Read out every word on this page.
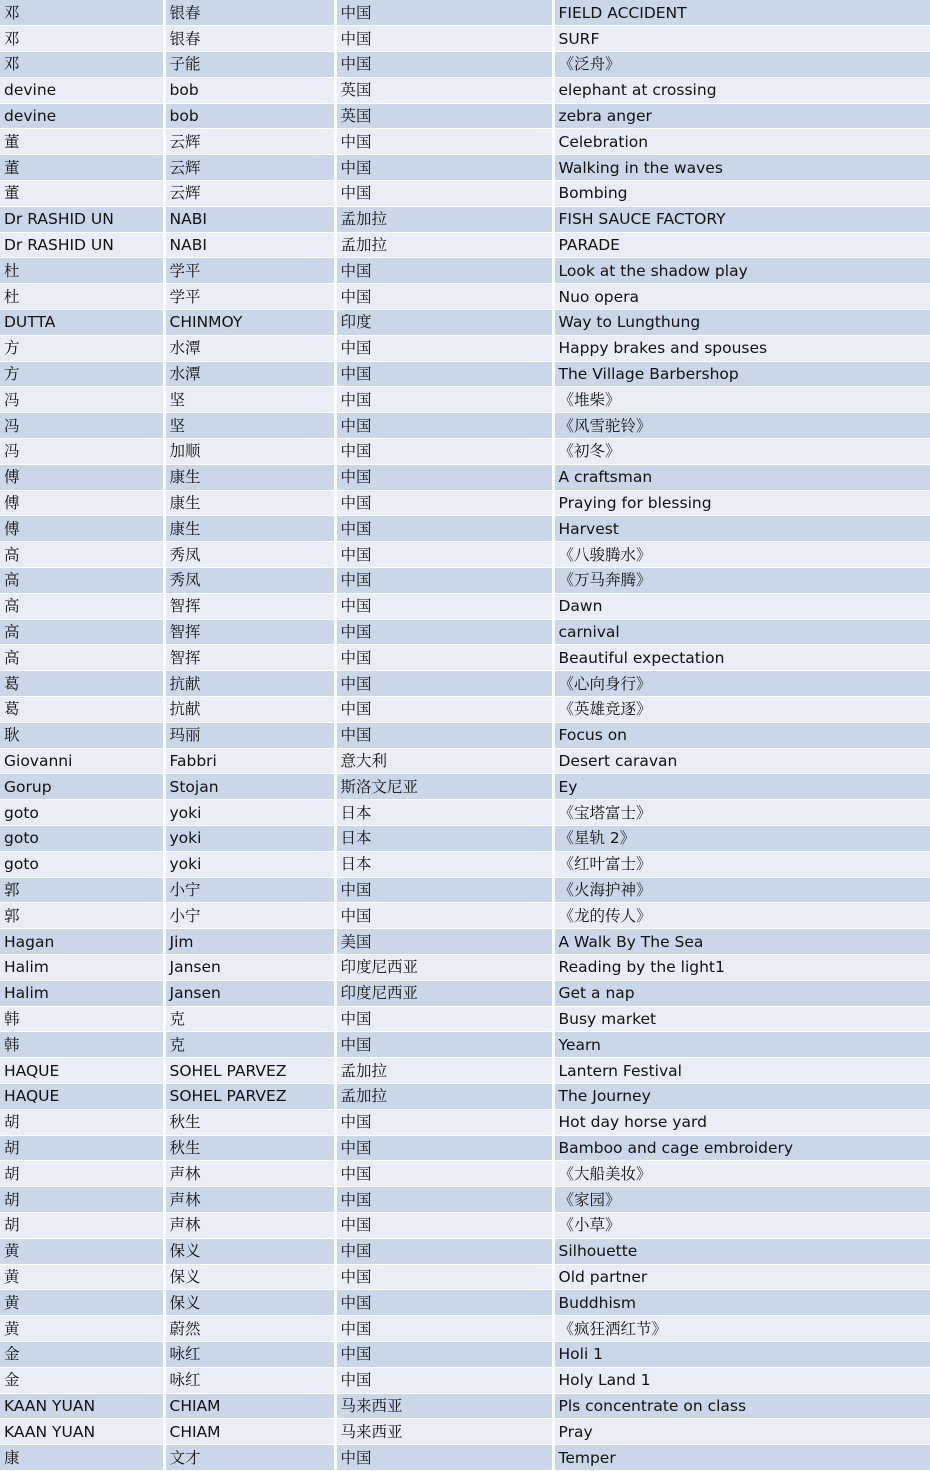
邓	银春	中国	FIELD ACCIDENT
邓	银春	中国	SURF
邓	子能	中国	《泛舟》
devine	bob	英国	elephant at crossing
devine	bob	英国	zebra anger
董	云辉	中国	Celebration
董	云辉	中国	Walking in the waves
董	云辉	中国	Bombing
Dr RASHID UN	NABI	孟加拉	FISH SAUCE FACTORY
Dr RASHID UN	NABI	孟加拉	PARADE
杜	学平	中国	Look at the shadow play
杜	学平	中国	Nuo opera
DUTTA	CHINMOY	印度	Way to Lungthung
方	水潭	中国	Happy brakes and spouses
方	水潭	中国	The Village Barbershop
冯	坚	中国	《堆柴》
冯	坚	中国	《风雪驼铃》
冯	加顺	中国	《初冬》
傅	康生	中国	A craftsman
傅	康生	中国	Praying for blessing
傅	康生	中国	Harvest
高	秀凤	中国	《八骏腾水》
高	秀凤	中国	《万马奔腾》
高	智挥	中国	Dawn
高	智挥	中国	carnival
高	智挥	中国	Beautiful expectation
葛	抗献	中国	《心向身行》
葛	抗献	中国	《英雄竞逐》
耿	玛丽	中国	Focus on
Giovanni	Fabbri	意大利	Desert caravan
Gorup	Stojan	斯洛文尼亚	Ey
goto	yoki	日本	《宝塔富士》
goto	yoki	日本	《星轨 2》
goto	yoki	日本	《红叶富士》
郭	小宁	中国	《火海护神》
郭	小宁	中国	《龙的传人》
Hagan	Jim	美国	A Walk By The Sea
Halim	Jansen	印度尼西亚	Reading by the light1
Halim	Jansen	印度尼西亚	Get a nap
韩	克	中国	Busy market
韩	克	中国	Yearn
HAQUE	SOHEL PARVEZ	孟加拉	Lantern Festival
HAQUE	SOHEL PARVEZ	孟加拉	The Journey
胡	秋生	中国	Hot day horse yard
胡	秋生	中国	Bamboo and cage embroidery
胡	声林	中国	《大船美妆》
胡	声林	中国	《家园》
胡	声林	中国	《小草》
黄	保义	中国	Silhouette
黄	保义	中国	Old partner
黄	保义	中国	Buddhism
黄	蔚然	中国	《疯狂洒红节》
金	咏红	中国	Holi 1
金	咏红	中国	Holy Land 1
KAAN YUAN	CHIAM	马来西亚	Pls concentrate on class
KAAN YUAN	CHIAM	马来西亚	Pray
康	文才	中国	Temper
